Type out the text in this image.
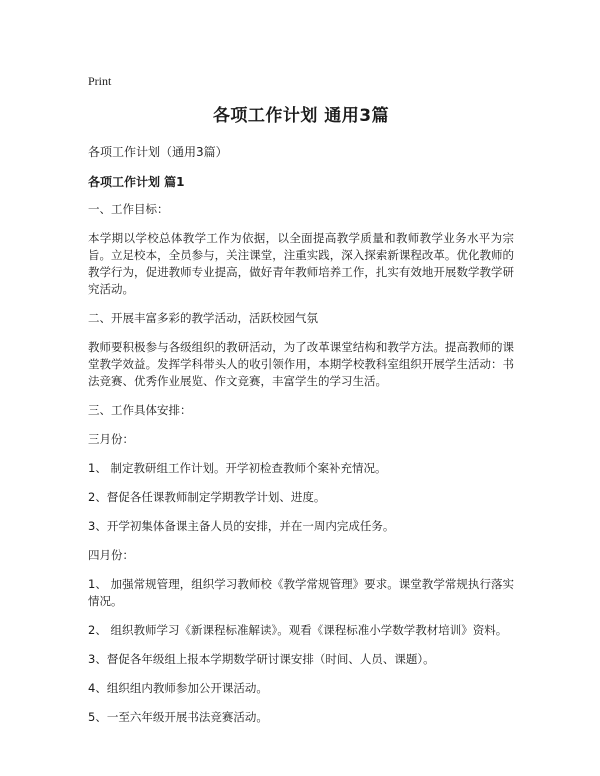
Print
各项工作计划 通用3篇
各项工作计划（通用3篇）
各项工作计划 篇1
一、工作目标：
本学期以学校总体教学工作为依据，以全面提高教学质量和教师教学业务水平为宗旨。立足校本，全员参与，关注课堂，注重实践，深入探索新课程改革。优化教师的教学行为，促进教师专业提高，做好青年教师培养工作，扎实有效地开展数学教学研究活动。
二、开展丰富多彩的教学活动，活跃校园气氛
教师要积极参与各级组织的教研活动，为了改革课堂结构和教学方法。提高教师的课堂教学效益。发挥学科带头人的收引领作用，本期学校教科室组织开展学生活动：书法竞赛、优秀作业展览、作文竞赛，丰富学生的学习生活。
三、工作具体安排：
三月份：
1、 制定教研组工作计划。开学初检查教师个案补充情况。
2、督促各任课教师制定学期教学计划、进度。
3、开学初集体备课主备人员的安排，并在一周内完成任务。
四月份：
1、 加强常规管理，组织学习教师校《教学常规管理》要求。课堂教学常规执行落实情况。
2、 组织教师学习《新课程标准解读》。观看《课程标准小学数学教材培训》资料。
3、督促各年级组上报本学期数学研讨课安排（时间、人员、课题）。
4、组织组内教师参加公开课活动。
5、一至六年级开展书法竞赛活动。
